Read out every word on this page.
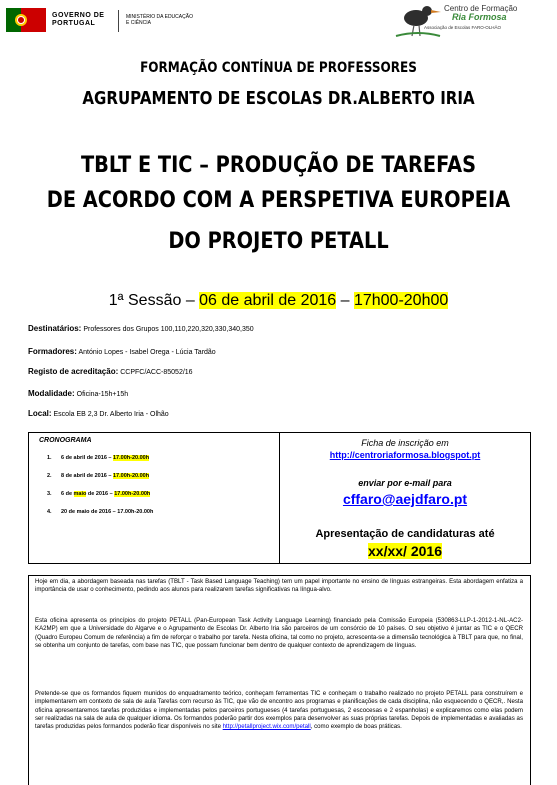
GOVERNO DE
PORTUGAL
MINISTÉRIO DA EDUCAÇÃO E CIÊNCIA
Centro de Formação
Ria Formosa
Associação de Escolas FARO-OLHÃO
FORMAÇÃO CONTÍNUA DE PROFESSORES
AGRUPAMENTO DE ESCOLAS DR.ALBERTO IRIA
TBLT E TIC – PRODUÇÃO DE TAREFAS
DE ACORDO COM A PERSPETIVA EUROPEIA
DO PROJETO PETALL
1ª Sessão – 06 de abril de 2016 – 17h00-20h00
Destinatários: Professores dos Grupos 100,110,220,320,330,340,350
Formadores: António Lopes - Isabel Orega - Lúcia Tardão
Registo de acreditação: CCPFC/ACC-85052/16
Modalidade: Oficina-15h+15h
Local: Escola EB 2,3 Dr. Alberto Iria - Olhão
CRONOGRAMA
1. 6 de abril de 2016 – 17.00h-20.00h
2. 8 de abril de 2016 – 17.00h-20.00h
3. 6 de maio de 2016 – 17.00h-20.00h
4. 20 de maio de 2016 – 17.00h-20.00h
Ficha de inscrição em
http://centroriaformosa.blogspot.pt
enviar por e-mail para
cffaro@aejdfaro.pt
Apresentação de candidaturas até
xx/xx/ 2016
Hoje em dia, a abordagem baseada nas tarefas (TBLT - Task Based Language Teaching) tem um papel importante no ensino de línguas estrangeiras. Esta abordagem enfatiza a importância de usar o conhecimento, pedindo aos alunos para realizarem tarefas significativas na língua-alvo.
Esta oficina apresenta os princípios do projeto PETALL (Pan-European Task Activity Language Learning) financiado pela Comissão Europeia (530863-LLP-1-2012-1-NL-AC2-KA2MP) em que a Universidade do Algarve e o Agrupamento de Escolas Dr. Alberto Iria são parceiros de um consórcio de 10 países. O seu objetivo é juntar as TIC e o QECR (Quadro Europeu Comum de referência) a fim de reforçar o trabalho por tarefa. Nesta oficina, tal como no projeto, acrescenta-se a dimensão tecnológica à TBLT para que, no final, se obtenha um conjunto de tarefas, com base nas TIC, que possam funcionar bem dentro de qualquer contexto de aprendizagem de línguas.
Pretende-se que os formandos fiquem munidos do enquadramento teórico, conheçam ferramentas TIC e conheçam o trabalho realizado no projeto PETALL para construírem e implementarem em contexto de sala de aula Tarefas com recurso às TIC, que vão de encontro aos programas e planificações de cada disciplina, não esquecendo o QECR,. Nesta oficina apresentaremos tarefas produzidas e implementadas pelos parceiros portugueses (4 tarefas portuguesas, 2 escocesas e 2 espanholas) e explicaremos como elas podem ser realizadas na sala de aula de qualquer idioma. Os formandos poderão partir dos exemplos para desenvolver as suas próprias tarefas. Depois de implementadas e avaliadas as tarefas produzidas pelos formandos poderão ficar disponíveis no site http://petallproject.wix.com/petall, como exemplo de boas práticas.
